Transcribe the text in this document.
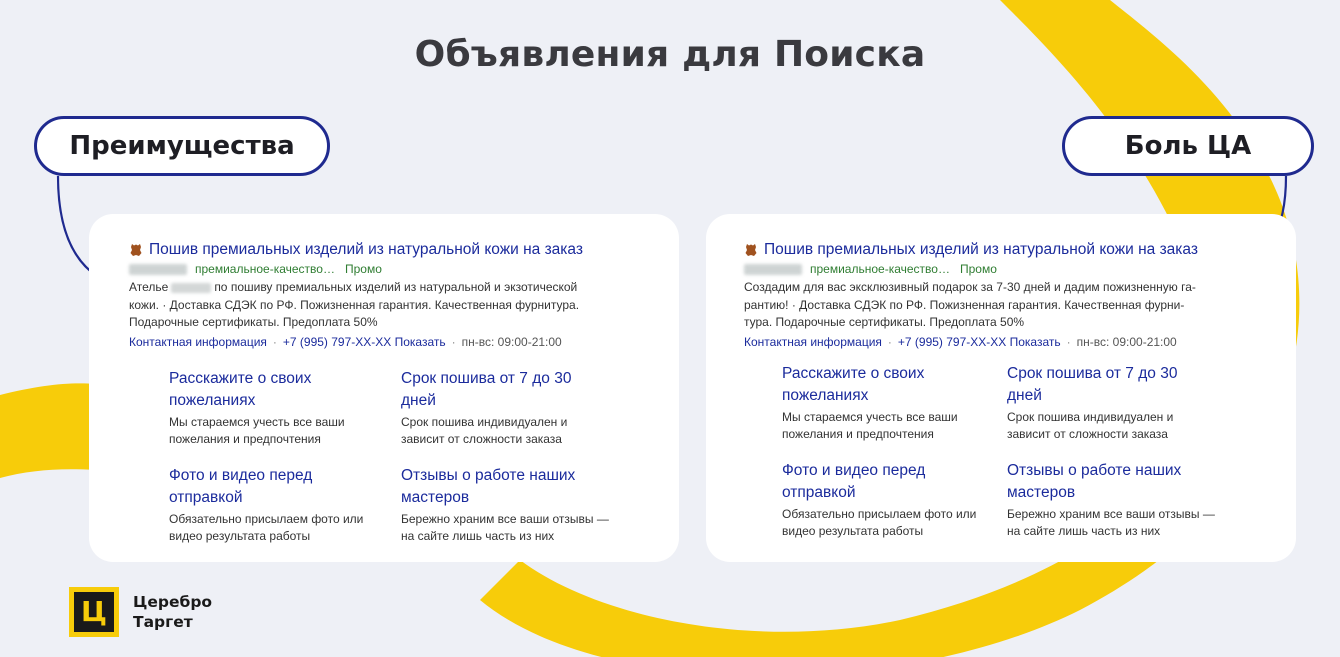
Объявления для Поиска
Преимущества	Боль ЦА
Пошив премиальных изделий из натуральной кожи на заказ
премиальное-качество… Промо
Ателье	по пошиву премиальных изделий из натуральной и экзотической
кожи. · Доставка СДЭК по РФ. Пожизненная гарантия. Качественная фурнитура.
Подарочные сертификаты. Предоплата 50%
Контактная информация · +7 (995) 797-XX-XX Показать · пн-вс: 09:00-21:00
Расскажите о своих пожеланиях
Мы стараемся учесть все ваши пожелания и предпочтения
Срок пошива от 7 до 30 дней
Срок пошива индивидуален и зависит от сложности заказа
Фото и видео перед отправкой
Обязательно присылаем фото или видео результата работы
Отзывы о работе наших мастеров
Бережно храним все ваши отзывы — на сайте лишь часть из них
Пошив премиальных изделий из натуральной кожи на заказ
премиальное-качество… Промо
Создадим для вас эксклюзивный подарок за 7-30 дней и дадим пожизненную га-
рантию! · Доставка СДЭК по РФ. Пожизненная гарантия. Качественная фурни-
тура. Подарочные сертификаты. Предоплата 50%
Контактная информация · +7 (995) 797-XX-XX Показать · пн-вс: 09:00-21:00
Расскажите о своих пожеланиях
Мы стараемся учесть все ваши пожелания и предпочтения
Срок пошива от 7 до 30 дней
Срок пошива индивидуален и зависит от сложности заказа
Фото и видео перед отправкой
Обязательно присылаем фото или видео результата работы
Отзывы о работе наших мастеров
Бережно храним все ваши отзывы — на сайте лишь часть из них
Ц	Церебро
Таргет
